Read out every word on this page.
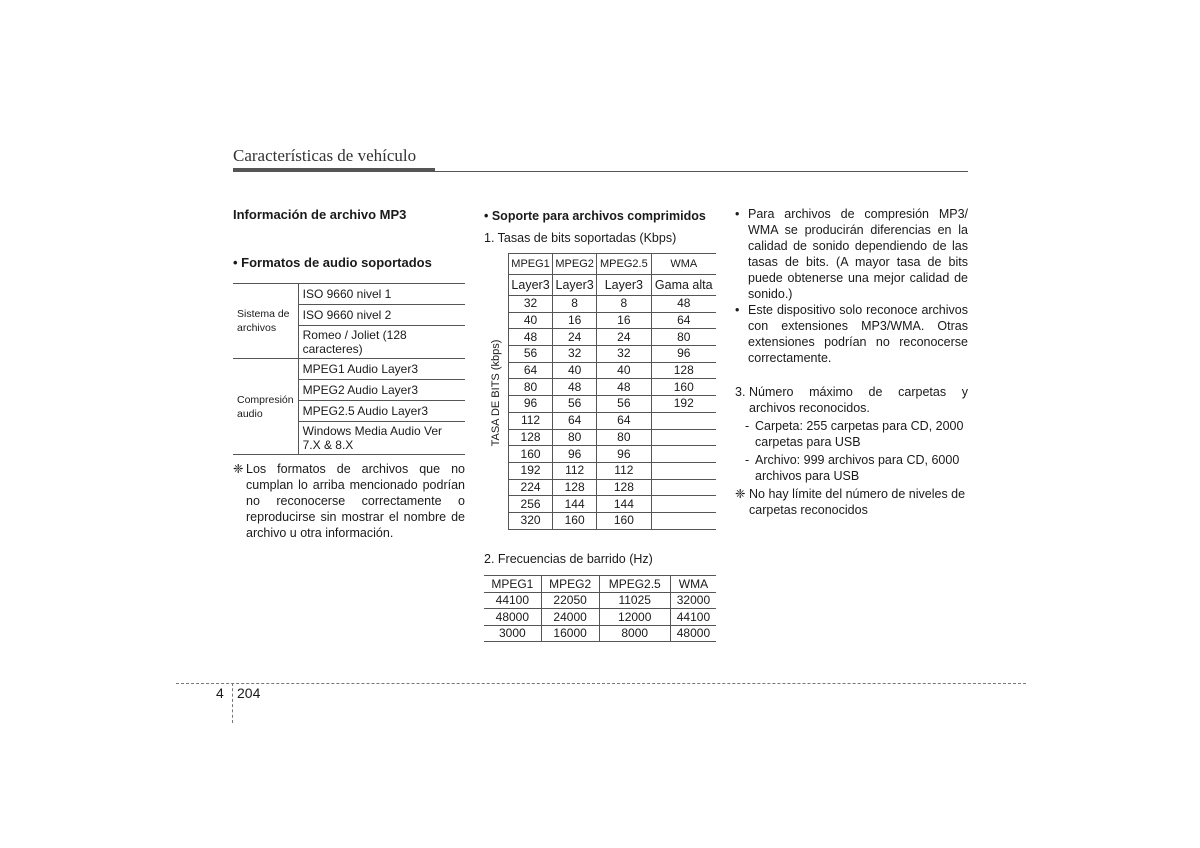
Características de vehículo
Información de archivo MP3
• Formatos de audio soportados
Sistema de archivos	ISO 9660 nivel 1
	ISO 9660 nivel 2
	Romeo / Joliet (128 caracteres)
Compresión audio	MPEG1 Audio Layer3
	MPEG2 Audio Layer3
	MPEG2.5 Audio Layer3
	Windows Media Audio Ver 7.X & 8.X
❈ Los formatos de archivos que no cumplan lo arriba mencionado podrían no reconocerse correctamente o reproducirse sin mostrar el nombre de archivo u otra información.
• Soporte para archivos comprimidos
1. Tasas de bits soportadas (Kbps)
TASA DE BITS (kbps)
MPEG1	MPEG2	MPEG2.5	WMA
Layer3	Layer3	Layer3	Gama alta
32	8	8	48
40	16	16	64
48	24	24	80
56	32	32	96
64	40	40	128
80	48	48	160
96	56	56	192
112	64	64	
128	80	80	
160	96	96	
192	112	112	
224	128	128	
256	144	144	
320	160	160	
2. Frecuencias de barrido (Hz)
MPEG1	MPEG2	MPEG2.5	WMA
44100	22050	11025	32000
48000	24000	12000	44100
3000	16000	8000	48000
• Para archivos de compresión MP3/ WMA se producirán diferencias en la calidad de sonido dependiendo de las tasas de bits. (A mayor tasa de bits puede obtenerse una mejor calidad de sonido.)
• Este dispositivo solo reconoce archivos con extensiones MP3/WMA. Otras extensiones podrían no reconocerse correctamente.
3. Número máximo de carpetas y archivos reconocidos.
- Carpeta: 255 carpetas para CD, 2000 carpetas para USB
- Archivo: 999 archivos para CD, 6000 archivos para USB
❈ No hay límite del número de niveles de carpetas reconocidos
4 204
